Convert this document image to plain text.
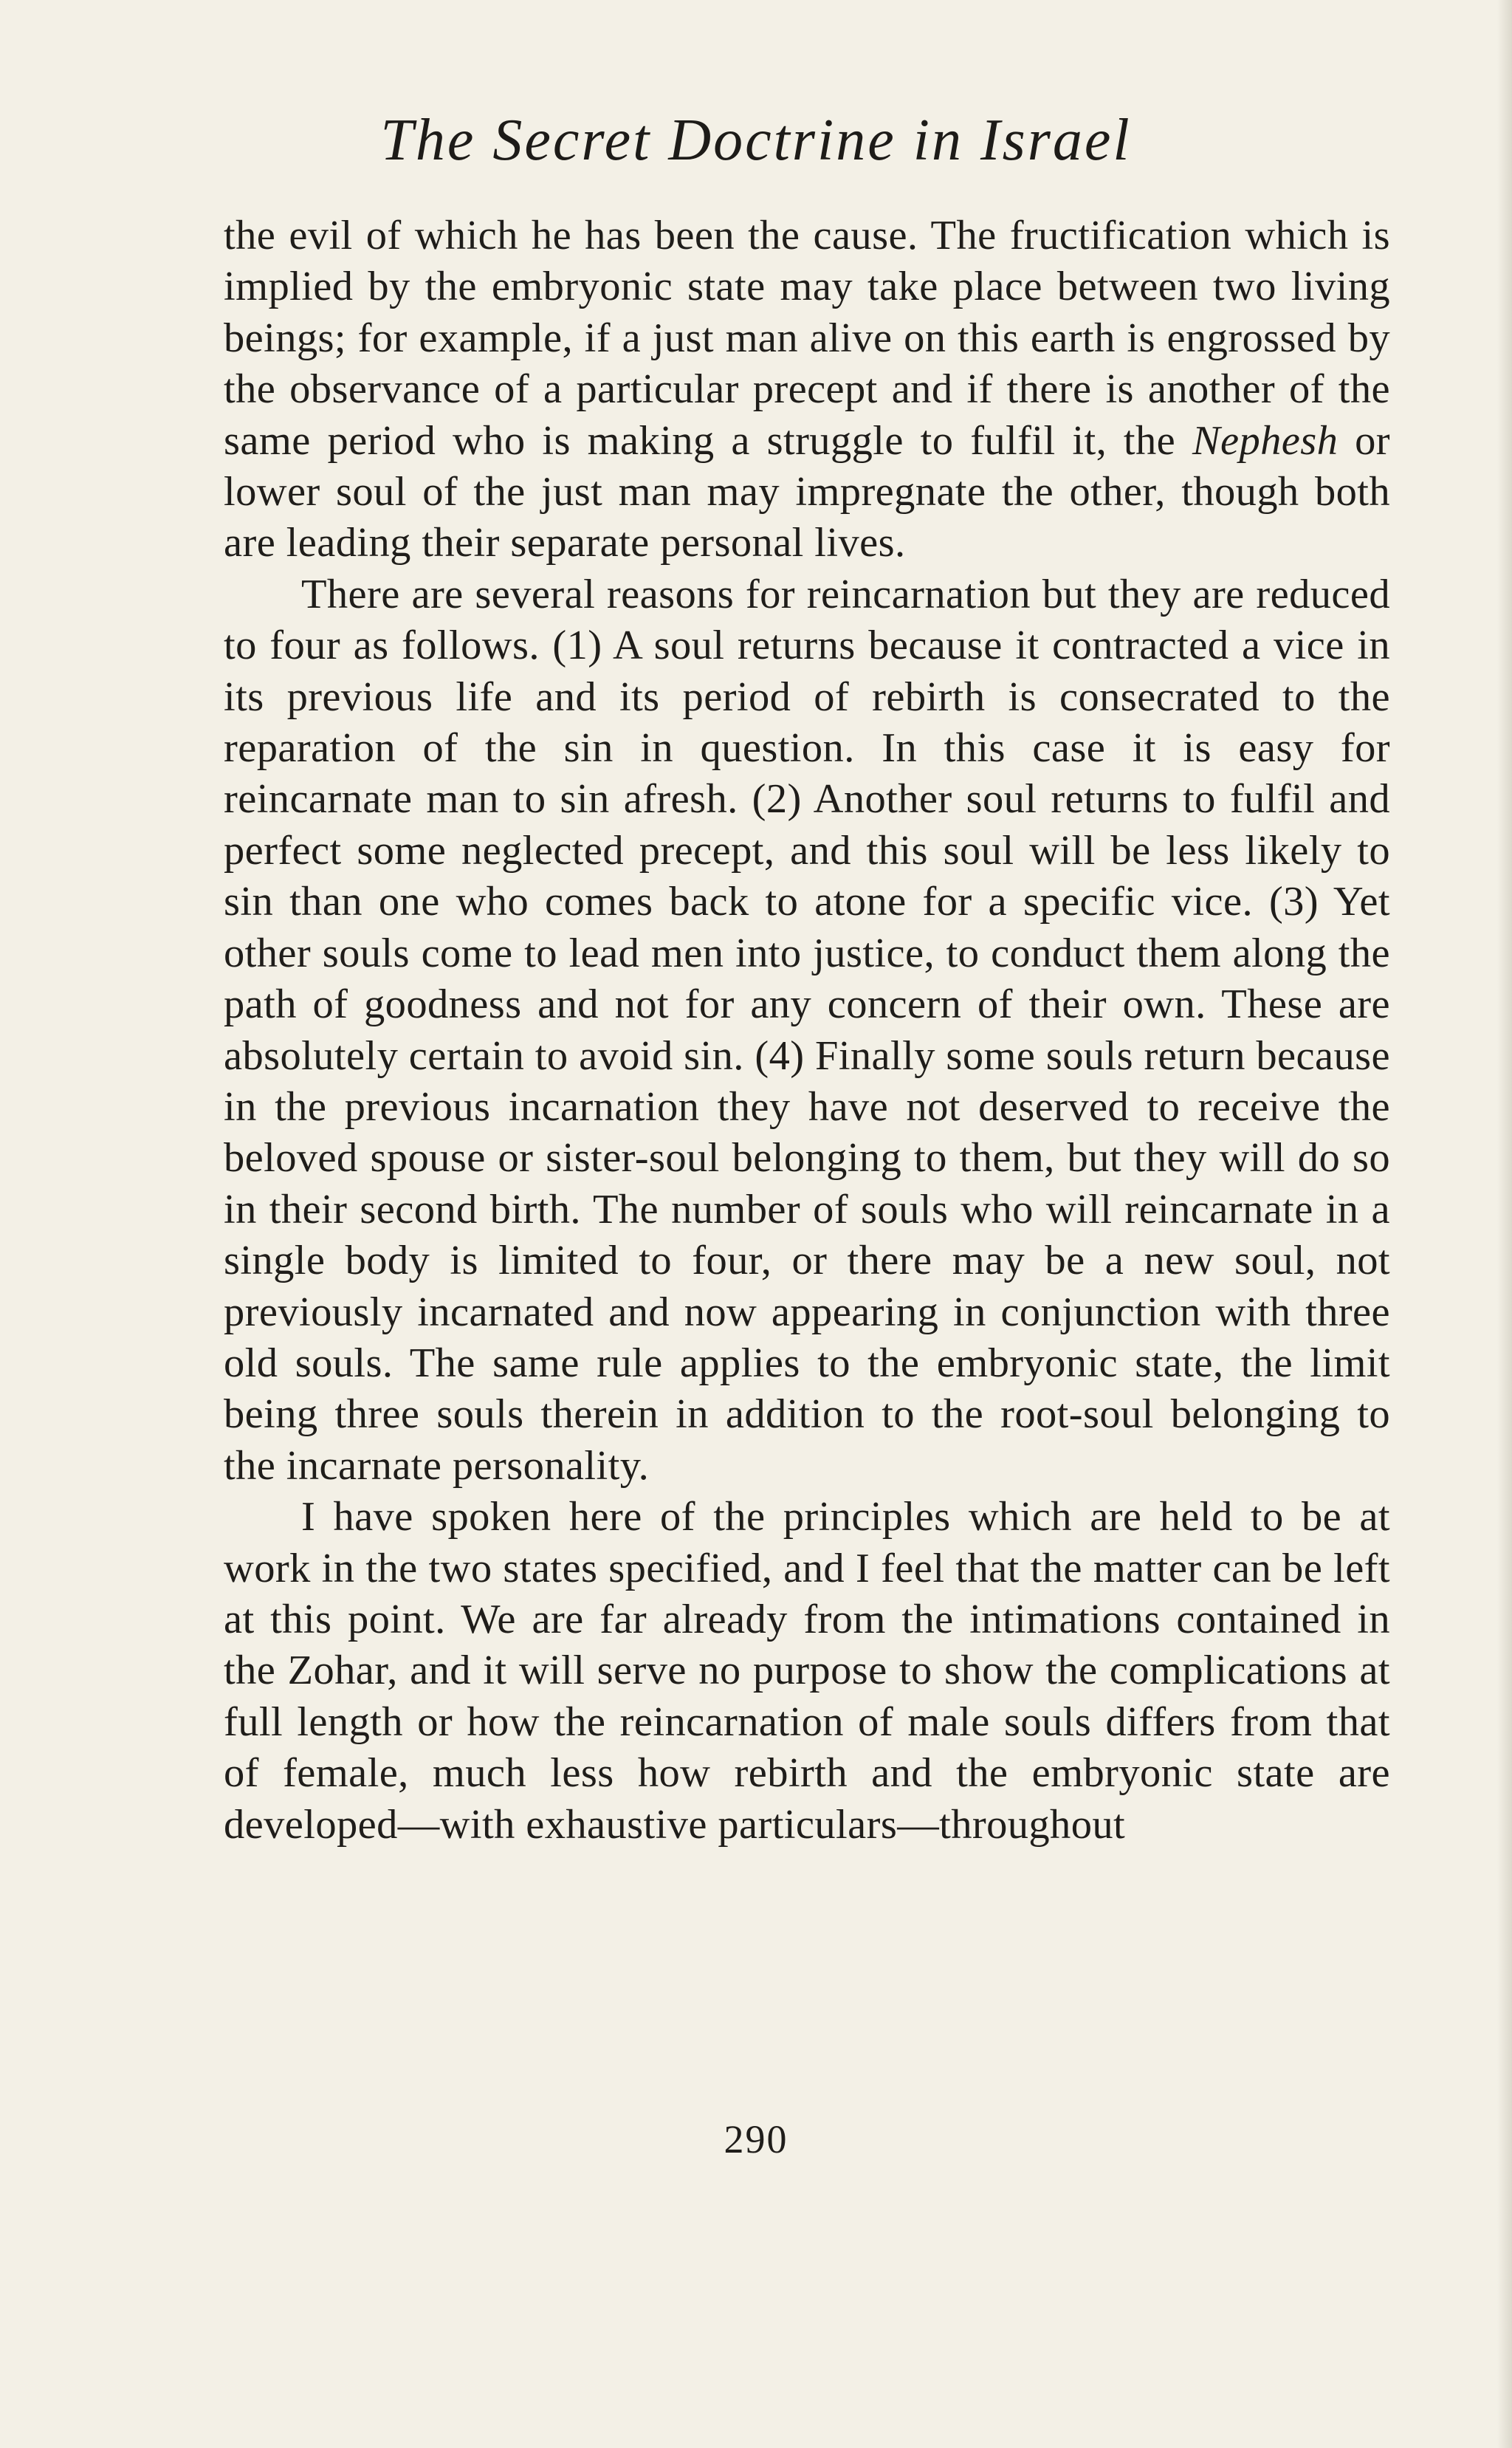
The Secret Doctrine in Israel

the evil of which he has been the cause. The fructification which is implied by the embryonic state may take place between two living beings; for example, if a just man alive on this earth is engrossed by the observance of a particular precept and if there is another of the same period who is making a struggle to fulfil it, the Nephesh or lower soul of the just man may impregnate the other, though both are leading their separate personal lives.

There are several reasons for reincarnation but they are reduced to four as follows. (1) A soul returns because it contracted a vice in its previous life and its period of rebirth is consecrated to the reparation of the sin in question. In this case it is easy for reincarnate man to sin afresh. (2) Another soul returns to fulfil and perfect some neglected precept, and this soul will be less likely to sin than one who comes back to atone for a specific vice. (3) Yet other souls come to lead men into justice, to conduct them along the path of goodness and not for any concern of their own. These are absolutely certain to avoid sin. (4) Finally some souls return because in the previous incarnation they have not deserved to receive the beloved spouse or sister-soul belonging to them, but they will do so in their second birth. The number of souls who will reincarnate in a single body is limited to four, or there may be a new soul, not previously incarnated and now appearing in conjunction with three old souls. The same rule applies to the embryonic state, the limit being three souls therein in addition to the root-soul belonging to the incarnate personality.

I have spoken here of the principles which are held to be at work in the two states specified, and I feel that the matter can be left at this point. We are far already from the intimations contained in the Zohar, and it will serve no purpose to show the complications at full length or how the reincarnation of male souls differs from that of female, much less how rebirth and the embryonic state are developed—with exhaustive particulars—throughout

290
